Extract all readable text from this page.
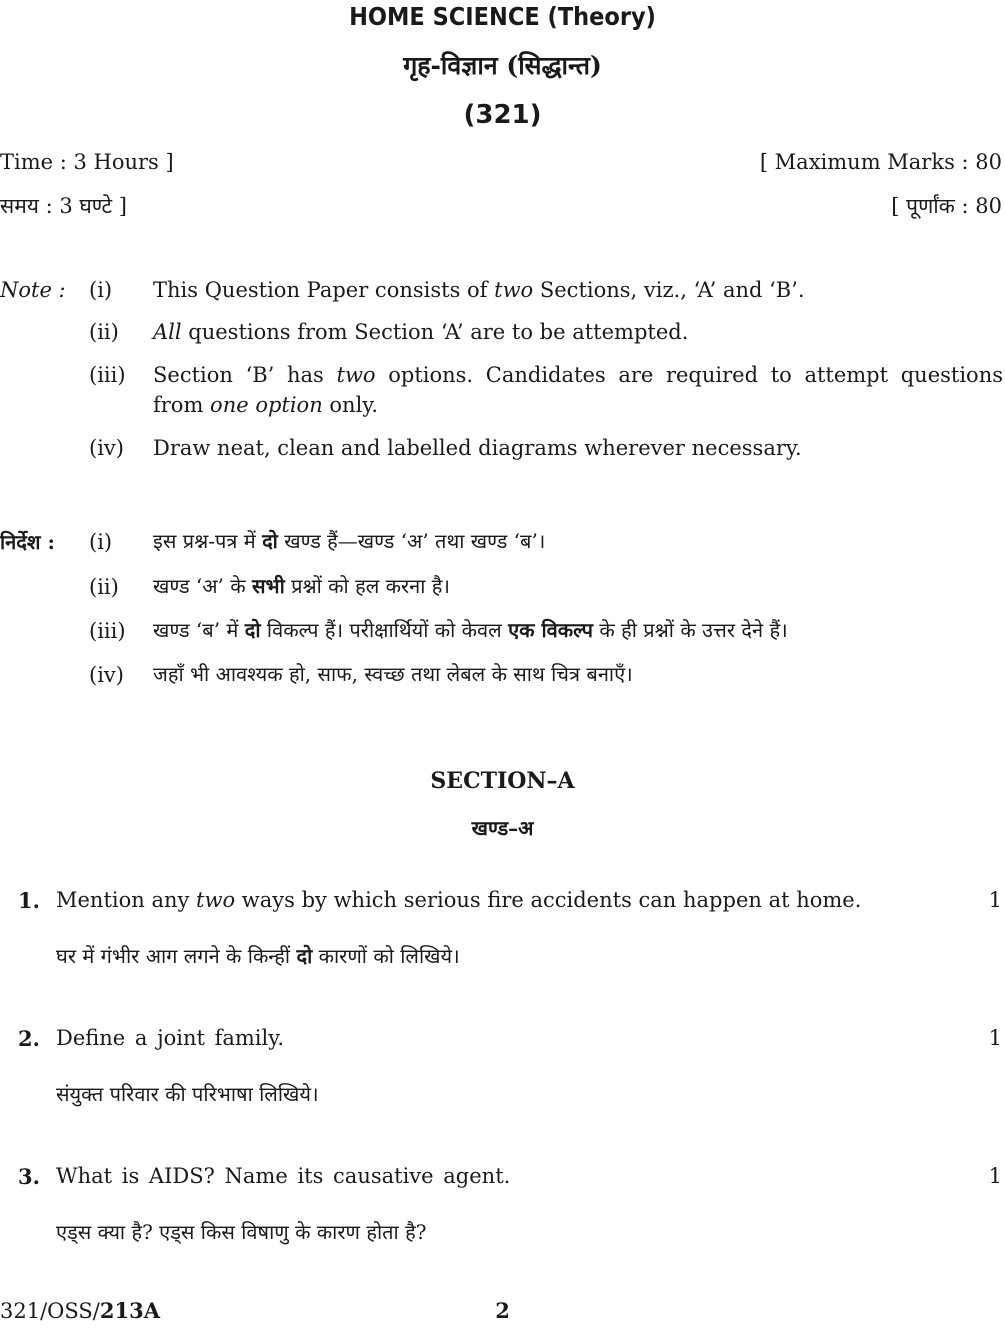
HOME SCIENCE (Theory)
गृह-विज्ञान (सिद्धान्त)
(321)
Time : 3 Hours ]	[ Maximum Marks : 80
समय : 3 घण्टे ]	[ पूर्णांक : 80
Note : (i) This Question Paper consists of two Sections, viz., ‘A’ and ‘B’.
(ii) All questions from Section ‘A’ are to be attempted.
(iii) Section ‘B’ has two options. Candidates are required to attempt questions
from one option only.
(iv) Draw neat, clean and labelled diagrams wherever necessary.
निर्देश : (i) इस प्रश्न-पत्र में दो खण्ड हैं—खण्ड ‘अ’ तथा खण्ड ‘ब’।
(ii) खण्ड ‘अ’ के सभी प्रश्नों को हल करना है।
(iii) खण्ड ‘ब’ में दो विकल्प हैं। परीक्षार्थियों को केवल एक विकल्प के ही प्रश्नों के उत्तर देने हैं।
(iv) जहाँ भी आवश्यक हो, साफ, स्वच्छ तथा लेबल के साथ चित्र बनाएँ।
SECTION–A
खण्ड–अ
1. Mention any two ways by which serious fire accidents can happen at home.	1
घर में गंभीर आग लगने के किन्हीं दो कारणों को लिखिये।
2. Define a joint family.	1
संयुक्त परिवार की परिभाषा लिखिये।
3. What is AIDS? Name its causative agent.	1
एड्स क्या है? एड्स किस विषाणु के कारण होता है?
321/OSS/213A	2
